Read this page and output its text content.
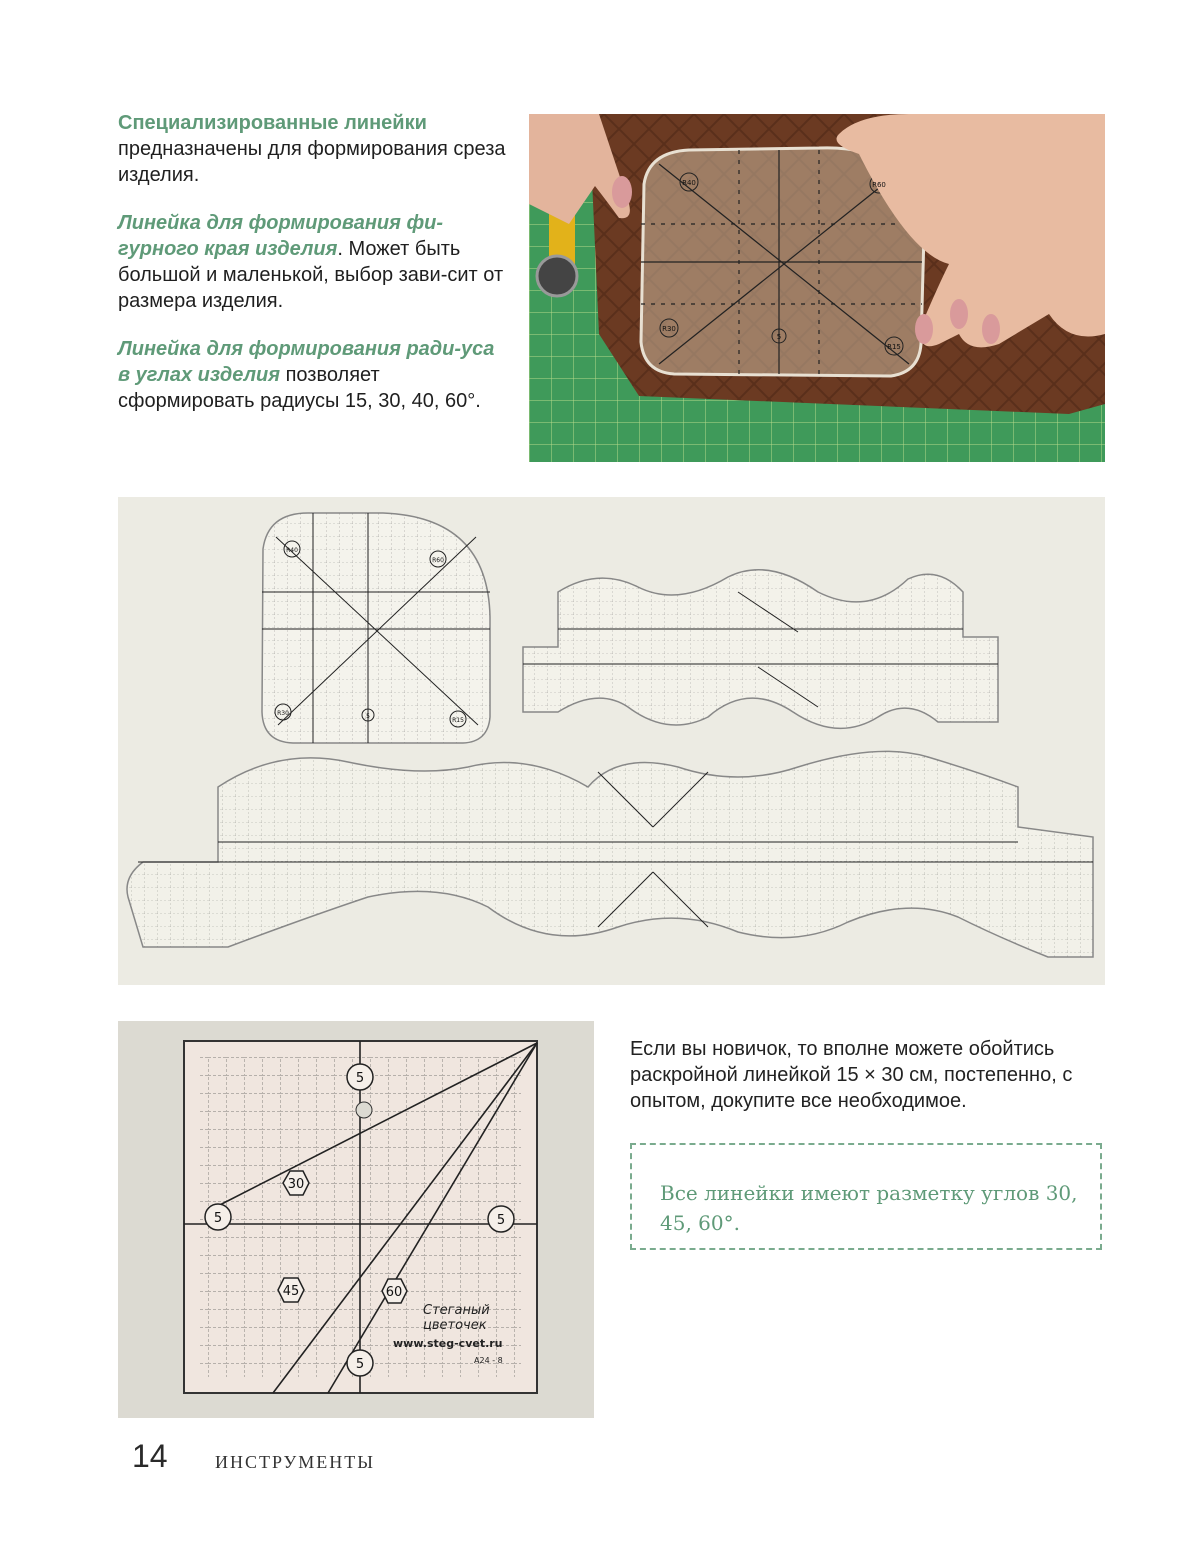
Специализированные линейки
предназначены для формирования среза изделия.

Линейка для формирования фи-гурного края изделия. Может быть большой и маленькой, выбор зави-сит от размера изделия.

Линейка для формирования ради-уса в углах изделия позволяет сформировать радиусы 15, 30, 40, 60°.

R40	R60
R30
R15
5
R40
R60
R30
R15
5
5
30
5	5
45	60
5
Стеганый
цветочек
www.steg-cvet.ru
A24 - 8
Если вы новичок, то вполне можете обойтись раскройной линейкой 15 × 30 см, постепенно, с опытом, докупите все необходимое.
Все линейки имеют разметку углов 30, 45, 60°.
14	ИНСТРУМЕНТЫ
